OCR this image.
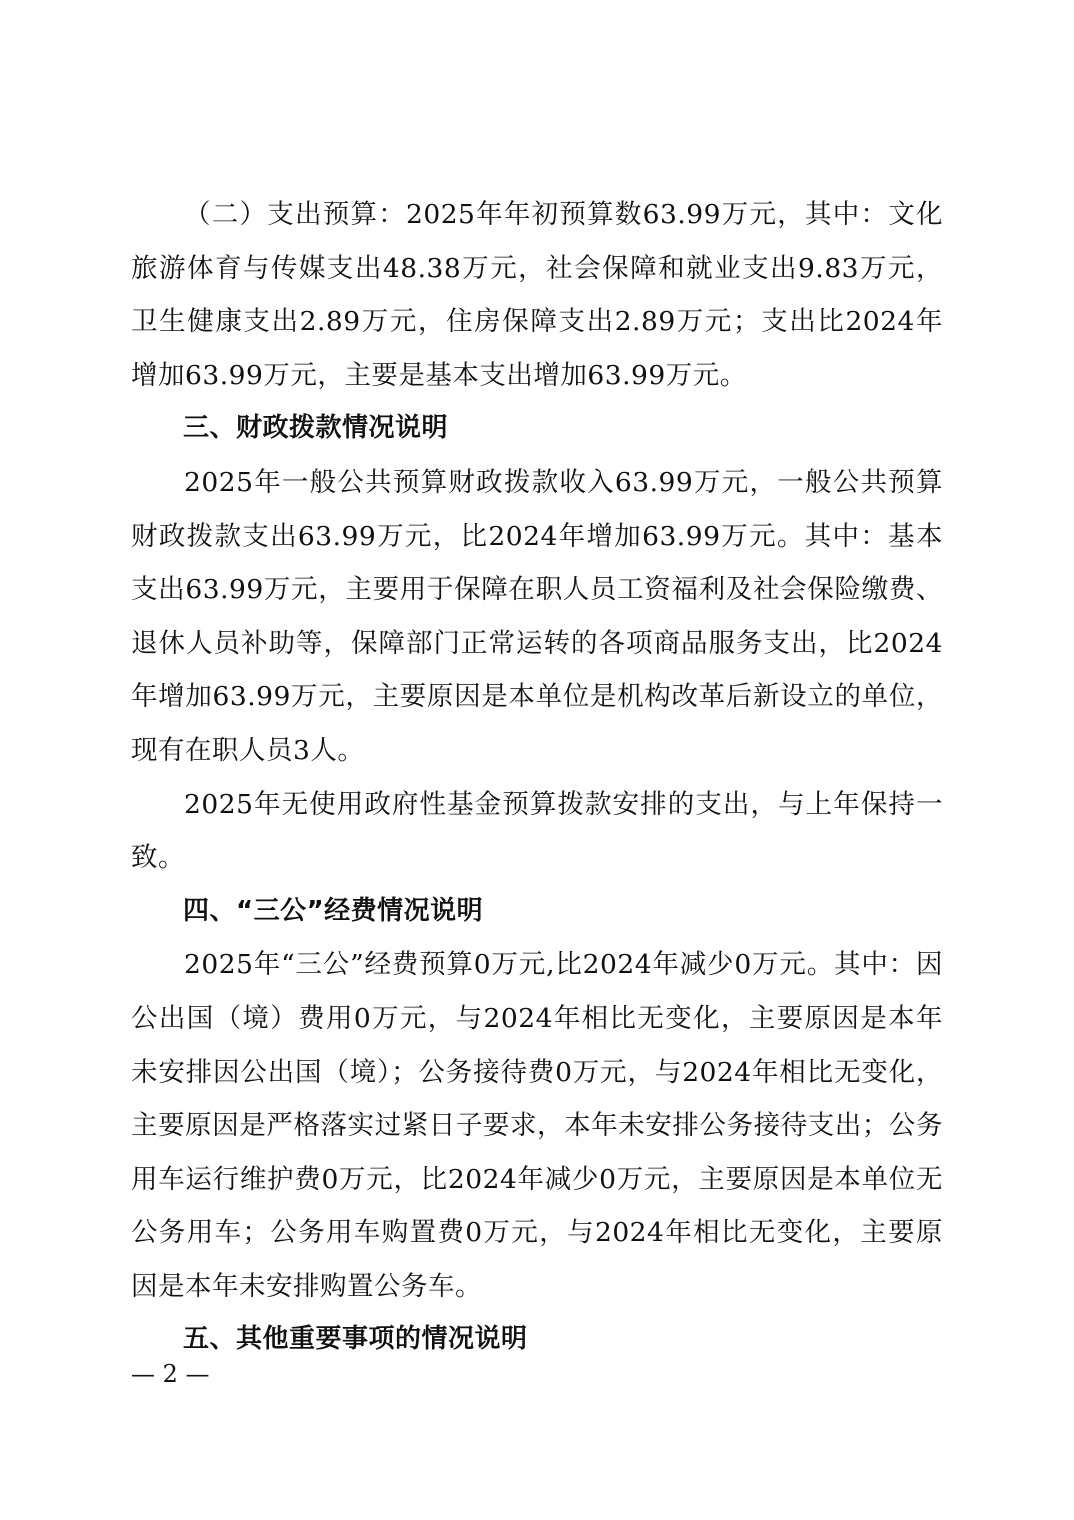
（二）支出预算：2025年年初预算数63.99万元，其中：文化旅游体育与传媒支出48.38万元，社会保障和就业支出9.83万元，卫生健康支出2.89万元，住房保障支出2.89万元；支出比2024年增加63.99万元，主要是基本支出增加63.99万元。

三、财政拨款情况说明

2025年一般公共预算财政拨款收入63.99万元，一般公共预算财政拨款支出63.99万元，比2024年增加63.99万元。其中：基本支出63.99万元，主要用于保障在职人员工资福利及社会保险缴费、退休人员补助等，保障部门正常运转的各项商品服务支出，比2024年增加63.99万元，主要原因是本单位是机构改革后新设立的单位，现有在职人员3人。

2025年无使用政府性基金预算拨款安排的支出，与上年保持一致。

四、“三公”经费情况说明

2025年“三公”经费预算0万元,比2024年减少0万元。其中：因公出国（境）费用0万元，与2024年相比无变化，主要原因是本年未安排因公出国（境）；公务接待费0万元，与2024年相比无变化，主要原因是严格落实过紧日子要求，本年未安排公务接待支出；公务用车运行维护费0万元，比2024年减少0万元，主要原因是本单位无公务用车；公务用车购置费0万元，与2024年相比无变化，主要原因是本年未安排购置公务车。

五、其他重要事项的情况说明
— 2 —
